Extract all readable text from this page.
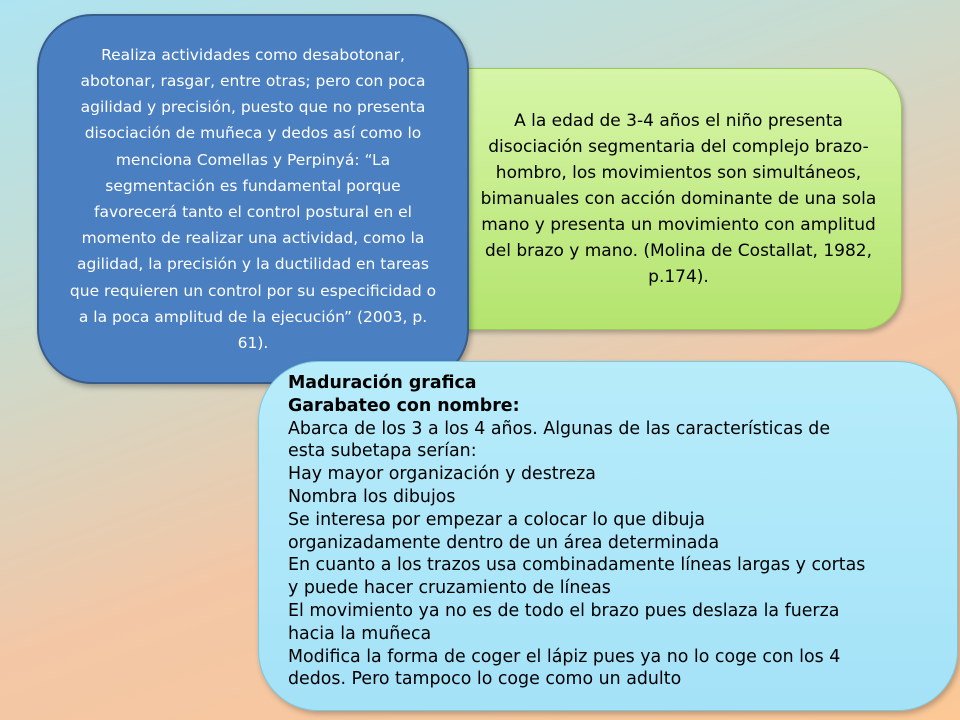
A la edad de 3-4 años el niño presenta disociación segmentaria del complejo brazo-hombro, los movimientos son simultáneos, bimanuales con acción dominante de una sola mano y presenta un movimiento con amplitud del brazo y mano. (Molina de Costallat, 1982, p.174).

Realiza actividades como desabotonar, abotonar, rasgar, entre otras; pero con poca agilidad y precisión, puesto que no presenta disociación de muñeca y dedos así como lo menciona Comellas y Perpinyá: “La segmentación es fundamental porque favorecerá tanto el control postural en el momento de realizar una actividad, como la agilidad, la precisión y la ductilidad en tareas que requieren un control por su especificidad o a la poca amplitud de la ejecución” (2003, p. 61).

Maduración grafica
Garabateo con nombre:
Abarca de los 3 a los 4 años. Algunas de las características de
esta subetapa serían:
Hay mayor organización y destreza
Nombra los dibujos
Se interesa por empezar a colocar lo que dibuja
organizadamente dentro de un área determinada
En cuanto a los trazos usa combinadamente líneas largas y cortas
y puede hacer cruzamiento de líneas
El movimiento ya no es de todo el brazo pues deslaza la fuerza
hacia la muñeca
Modifica la forma de coger el lápiz pues ya no lo coge con los 4
dedos. Pero tampoco lo coge como un adulto
